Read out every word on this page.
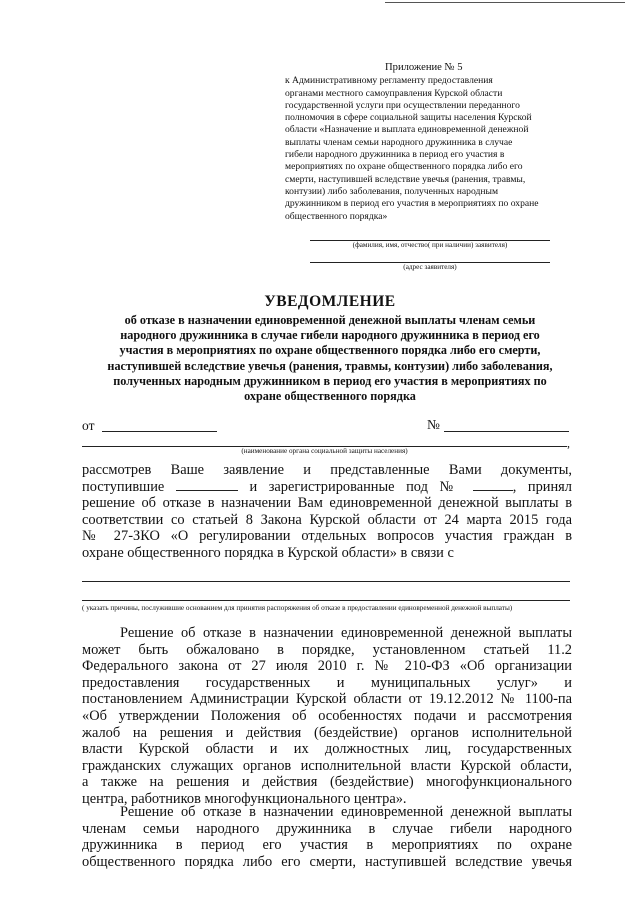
Приложение № 5
к Административному регламенту предоставления
органами местного самоуправления Курской области
государственной услуги при осуществлении переданного
полномочия в сфере социальной защиты населения Курской
области «Назначение и выплата единовременной денежной
выплаты членам семьи народного дружинника в случае
гибели народного дружинника в период его участия в
мероприятиях по охране общественного порядка либо его
смерти, наступившей вследствие увечья (ранения, травмы,
контузии) либо заболевания, полученных народным
дружинником в период его участия в мероприятиях по охране
общественного порядка»
(фамилия, имя, отчество( при наличии) заявителя)
(адрес заявителя)
УВЕДОМЛЕНИЕ
об отказе в назначении единовременной денежной выплаты членам семьи
народного дружинника в случае гибели народного дружинника в период его
участия в мероприятиях по охране общественного порядка либо его смерти,
наступившей вследствие увечья (ранения, травмы, контузии) либо заболевания,
полученных народным дружинником в период его участия в мероприятиях по
охране общественного порядка
от	№
,
(наименование органа социальной защиты населения)
рассмотрев Ваше заявление и представленные Вами документы,
поступившие	и зарегистрированные под №	, принял
решение об отказе в назначении Вам единовременной денежной выплаты в
соответствии со статьей 8 Закона Курской области от 24 марта 2015 года
№ 27-ЗКО «О регулировании отдельных вопросов участия граждан в
охране общественного порядка в Курской области» в связи с
( указать причины, послужившие основанием для принятия распоряжения об отказе в предоставлении единовременной денежной выплаты)
Решение об отказе в назначении единовременной денежной выплаты
может быть обжаловано в порядке, установленном статьей 11.2
Федерального закона от 27 июля 2010 г. № 210-ФЗ «Об организации
предоставления государственных и муниципальных услуг» и
постановлением Администрации Курской области от 19.12.2012 № 1100-па
«Об утверждении Положения об особенностях подачи и рассмотрения
жалоб на решения и действия (бездействие) органов исполнительной
власти Курской области и их должностных лиц, государственных
гражданских служащих органов исполнительной власти Курской области,
а также на решения и действия (бездействие) многофункционального
центра, работников многофункционального центра».
Решение об отказе в назначении единовременной денежной выплаты
членам семьи народного дружинника в случае гибели народного
дружинника в период его участия в мероприятиях по охране
общественного порядка либо его смерти, наступившей вследствие увечья
